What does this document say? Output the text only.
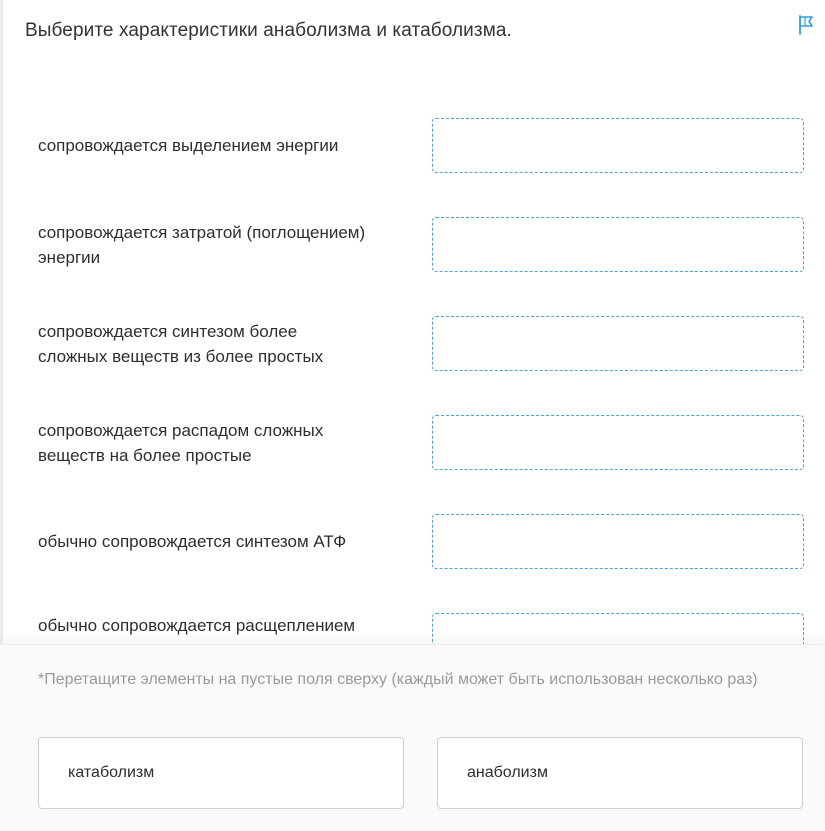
Выберите характеристики анаболизма и катаболизма.
сопровождается выделением энергии
сопровождается затратой (поглощением) энергии
сопровождается синтезом более сложных веществ из более простых
сопровождается распадом сложных веществ на более простые
обычно сопровождается синтезом АТФ
обычно сопровождается расщеплением
*Перетащите элементы на пустые поля сверху (каждый может быть использован несколько раз)
катаболизм	анаболизм
